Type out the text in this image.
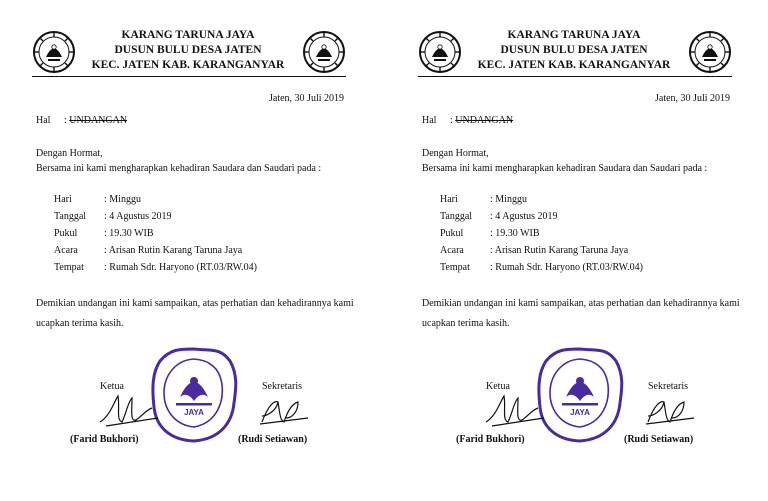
KARANG TARUNA JAYA
DUSUN BULU DESA JATEN
KEC. JATEN KAB. KARANGANYAR
Jaten, 30 Juli 2019
Hal : UNDANGAN
Dengan Hormat,
Bersama ini kami mengharapkan kehadiran Saudara dan Saudari pada :
Hari	: Minggu
Tanggal : 4 Agustus 2019
Pukul	: 19.30 WIB
Acara	: Arisan Rutin Karang Taruna Jaya
Tempat : Rumah Sdr. Haryono (RT.03/RW.04)
Demikian undangan ini kami sampaikan, atas perhatian dan kehadirannya kami
ucapkan terima kasih.
JAYA
Ketua	Sekretaris
(Farid Bukhori)	(Rudi Setiawan)
KARANG TARUNA JAYA
DUSUN BULU DESA JATEN
KEC. JATEN KAB. KARANGANYAR
Jaten, 30 Juli 2019
Hal : UNDANGAN
Dengan Hormat,
Bersama ini kami mengharapkan kehadiran Saudara dan Saudari pada :
Hari	: Minggu
Tanggal : 4 Agustus 2019
Pukul	: 19.30 WIB
Acara	: Arisan Rutin Karang Taruna Jaya
Tempat : Rumah Sdr. Haryono (RT.03/RW.04)
Demikian undangan ini kami sampaikan, atas perhatian dan kehadirannya kami
ucapkan terima kasih.
JAYA
Ketua	Sekretaris
(Farid Bukhori)	(Rudi Setiawan)
